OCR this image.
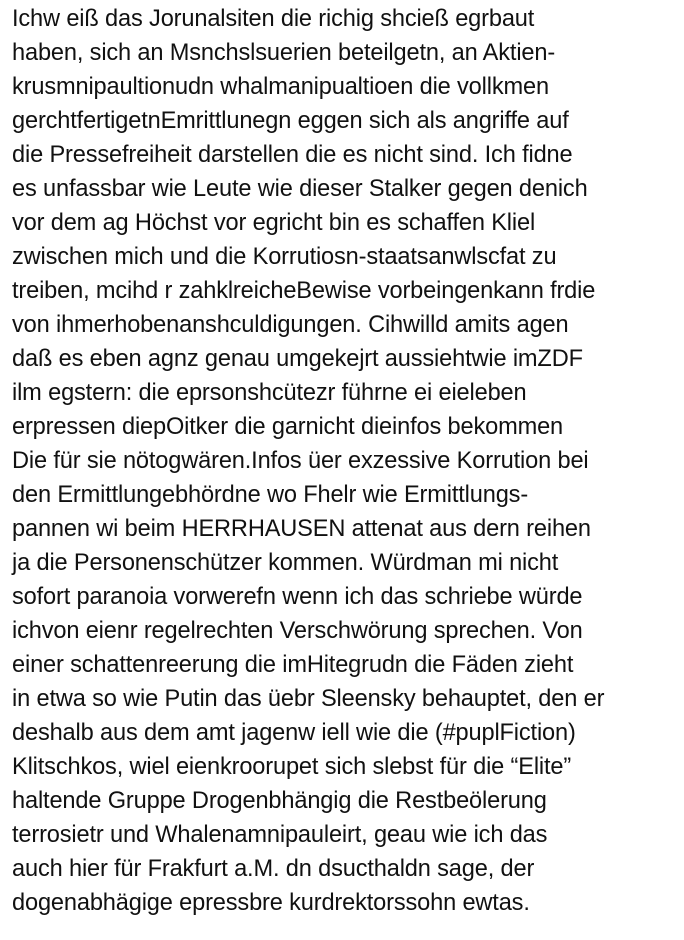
Ichw eiß das Jorunalsiten die richig shcieß egrbaut
haben, sich an Msnchslsuerien beteilgetn, an Aktien-
krusmnipaultionudn whalmanipualtioen die vollkmen
gerchtfertigetnEmrittlunegn eggen sich als angriffe auf
die Pressefreiheit darstellen die es nicht sind. Ich fidne
es unfassbar wie Leute wie dieser Stalker gegen denich
vor dem ag Höchst vor egricht bin es schaffen Kliel
zwischen mich und die Korrutiosn-staatsanwlscfat zu
treiben, mcihd r zahklreicheBewise vorbeingenkann frdie
von ihmerhobenanshculdigungen. Cihwilld amits agen
daß es eben agnz genau umgekejrt aussiehtwie imZDF
ilm egstern: die eprsonshcütezr führne ei eieleben
erpressen diepOitker die garnicht dieinfos bekommen
Die für sie nötogwären.Infos üer exzessive Korrution bei
den Ermittlungebhördne wo Fhelr wie Ermittlungs-
pannen wi beim HERRHAUSEN attenat aus dern reihen
ja die Personenschützer kommen. Würdman mi nicht
sofort paranoia vorwerefn wenn ich das schriebe würde
ichvon eienr regelrechten Verschwörung sprechen. Von
einer schattenreerung die imHitegrudn die Fäden zieht
in etwa so wie Putin das üebr Sleensky behauptet, den er
deshalb aus dem amt jagenw iell wie die (#puplFiction)
Klitschkos, wiel eienkroorupet sich slebst für die “Elite”
haltende Gruppe Drogenbhängig die Restbeölerung
terrosietr und Whalenamnipauleirt, geau wie ich das
auch hier für Frakfurt a.M. dn dsucthaldn sage, der
dogenabhägige epressbre kurdrektorssohn ewtas.
